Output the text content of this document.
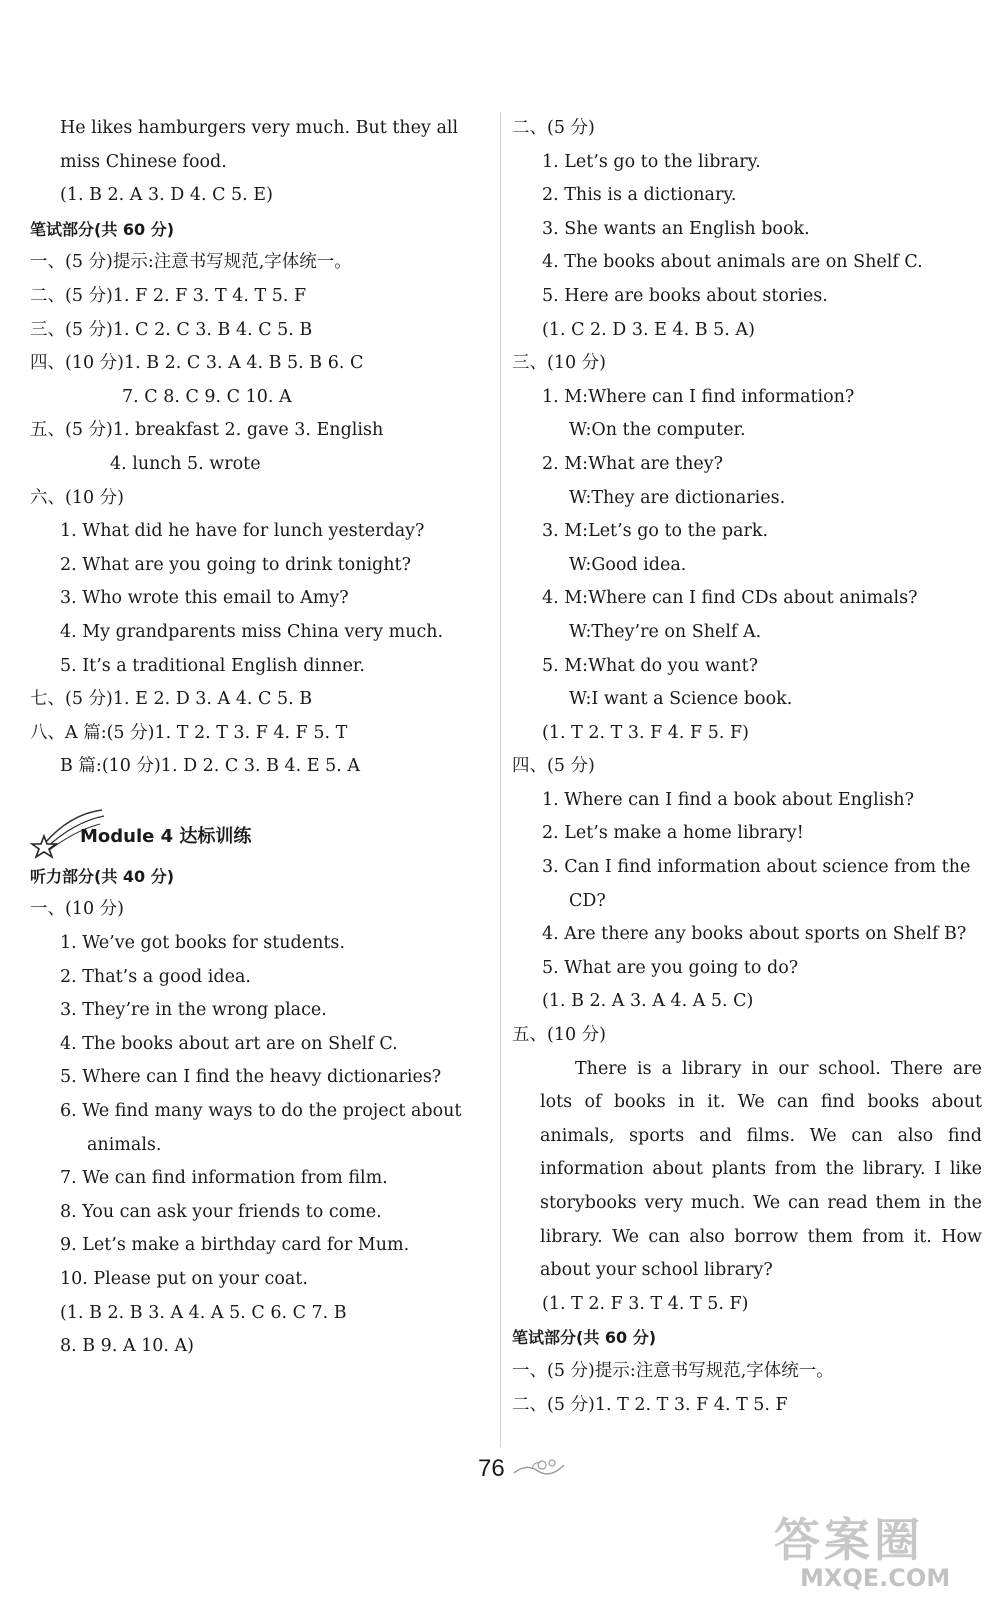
He likes hamburgers very much. But they all
miss Chinese food.
(1. B 2. A 3. D 4. C 5. E)
笔试部分(共 60 分)
一、(5 分)提示:注意书写规范,字体统一。
二、(5 分)1. F 2. F 3. T 4. T 5. F
三、(5 分)1. C 2. C 3. B 4. C 5. B
四、(10 分)1. B 2. C 3. A 4. B 5. B 6. C
7. C 8. C 9. C 10. A
五、(5 分)1. breakfast 2. gave 3. English
4. lunch 5. wrote
六、(10 分)
1. What did he have for lunch yesterday?
2. What are you going to drink tonight?
3. Who wrote this email to Amy?
4. My grandparents miss China very much.
5. It’s a traditional English dinner.
七、(5 分)1. E 2. D 3. A 4. C 5. B
八、A 篇:(5 分)1. T 2. T 3. F 4. F 5. T
B 篇:(10 分)1. D 2. C 3. B 4. E 5. A
Module 4 达标训练
听力部分(共 40 分)
一、(10 分)
1. We’ve got books for students.
2. That’s a good idea.
3. They’re in the wrong place.
4. The books about art are on Shelf C.
5. Where can I find the heavy dictionaries?
6. We find many ways to do the project about
animals.
7. We can find information from film.
8. You can ask your friends to come.
9. Let’s make a birthday card for Mum.
10. Please put on your coat.
(1. B 2. B 3. A 4. A 5. C 6. C 7. B
8. B 9. A 10. A)
二、(5 分)
1. Let’s go to the library.
2. This is a dictionary.
3. She wants an English book.
4. The books about animals are on Shelf C.
5. Here are books about stories.
(1. C 2. D 3. E 4. B 5. A)
三、(10 分)
1. M:Where can I find information?
W:On the computer.
2. M:What are they?
W:They are dictionaries.
3. M:Let’s go to the park.
W:Good idea.
4. M:Where can I find CDs about animals?
W:They’re on Shelf A.
5. M:What do you want?
W:I want a Science book.
(1. T 2. T 3. F 4. F 5. F)
四、(5 分)
1. Where can I find a book about English?
2. Let’s make a home library!
3. Can I find information about science from the
CD?
4. Are there any books about sports on Shelf B?
5. What are you going to do?
(1. B 2. A 3. A 4. A 5. C)
五、(10 分)
There is a library in our school. There are lots of books in it. We can find books about animals, sports and films. We can also find information about plants from the library. I like storybooks very much. We can read them in the library. We can also borrow them from it. How about your school library?
(1. T 2. F 3. T 4. T 5. F)
笔试部分(共 60 分)
一、(5 分)提示:注意书写规范,字体统一。
二、(5 分)1. T 2. T 3. F 4. T 5. F
76
答案圈
MXQE.COM
